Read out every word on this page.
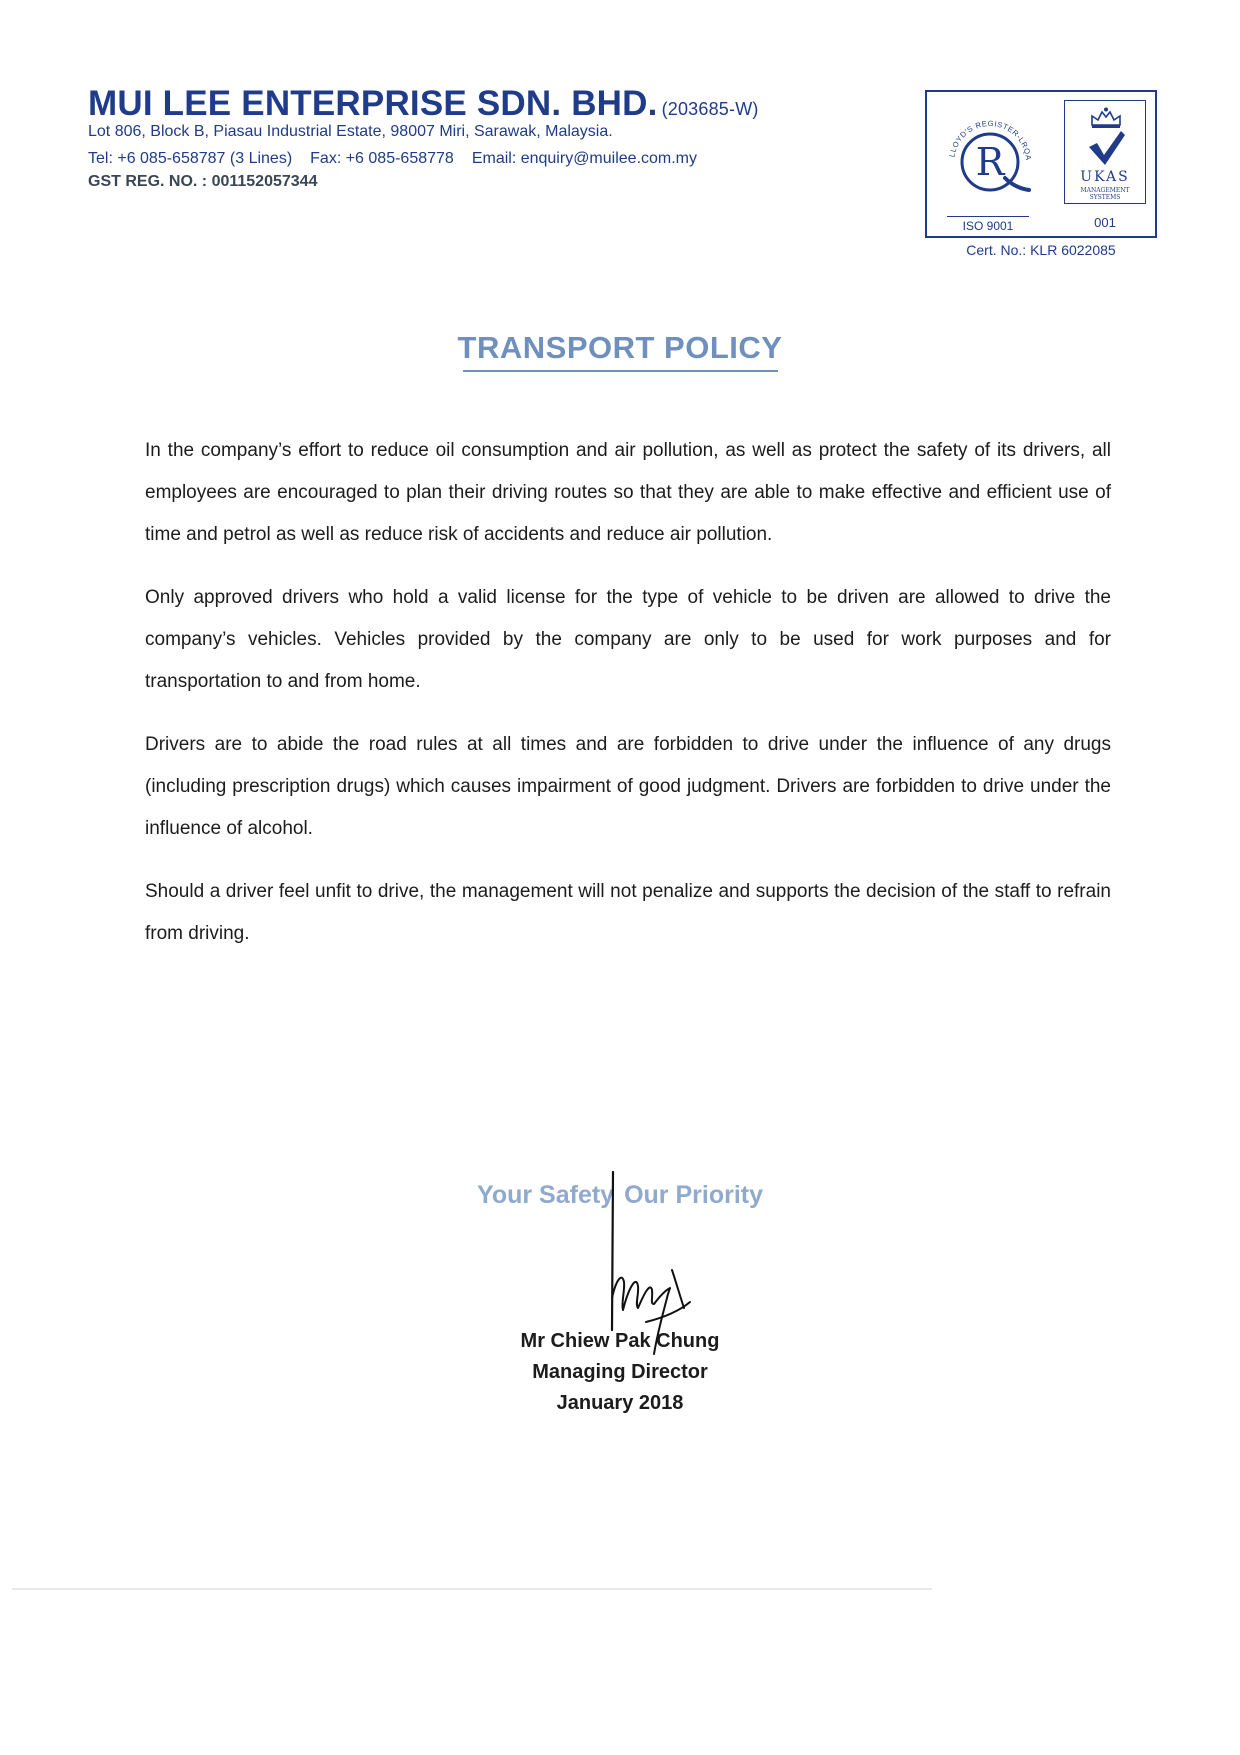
MUI LEE ENTERPRISE SDN. BHD. (203685-W)
Lot 806, Block B, Piasau Industrial Estate, 98007 Miri, Sarawak, Malaysia.
Tel: +6 085-658787 (3 Lines) Fax: +6 085-658778 Email: enquiry@muilee.com.my
GST REG. NO. : 001152057344
LLOYD'S REGISTER-LRQA
R
ISO 9001
UKAS
MANAGEMENT SYSTEMS
001
Cert. No.: KLR 6022085
TRANSPORT POLICY

In the company’s effort to reduce oil consumption and air pollution, as well as protect the safety of its drivers, all employees are encouraged to plan their driving routes so that they are able to make effective and efficient use of time and petrol as well as reduce risk of accidents and reduce air pollution.

Only approved drivers who hold a valid license for the type of vehicle to be driven are allowed to drive the company’s vehicles. Vehicles provided by the company are only to be used for work purposes and for transportation to and from home.

Drivers are to abide the road rules at all times and are forbidden to drive under the influence of any drugs (including prescription drugs) which causes impairment of good judgment. Drivers are forbidden to drive under the influence of alcohol.

Should a driver feel unfit to drive, the management will not penalize and supports the decision of the staff to refrain from driving.

Your Safety Our Priority
Mr Chiew Pak Chung
Managing Director
January 2018
